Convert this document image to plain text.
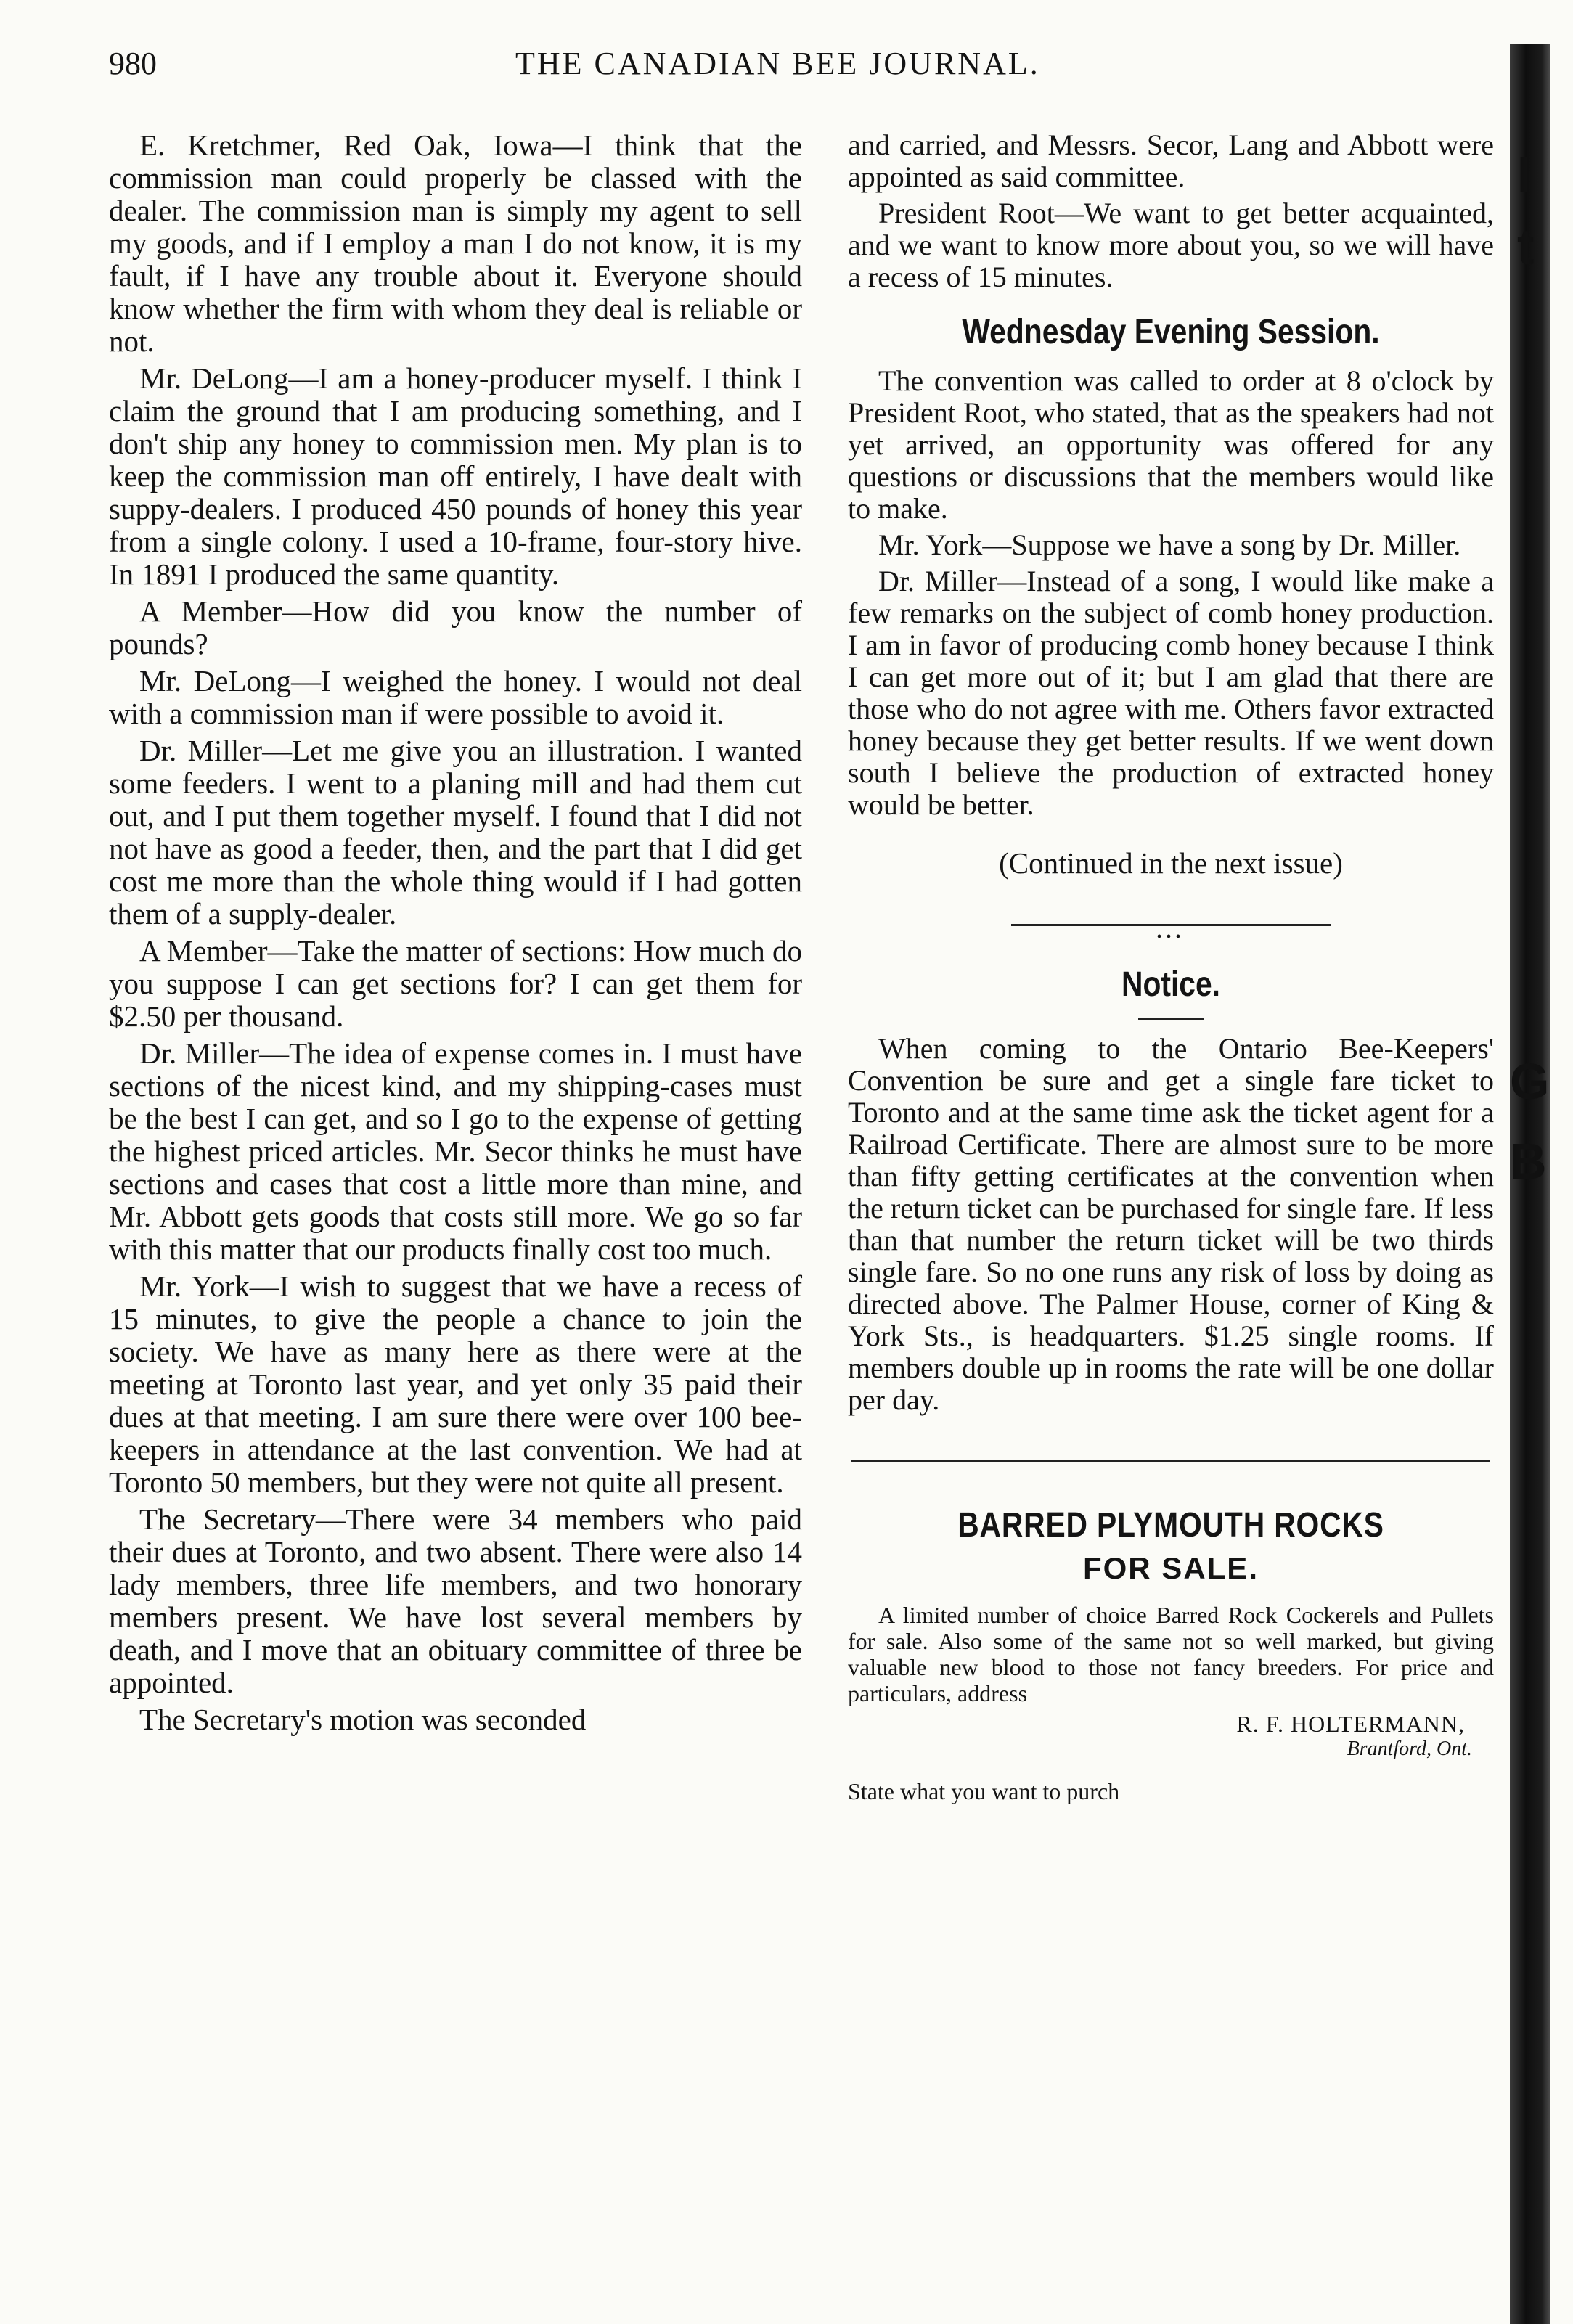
980	THE CANADIAN BEE JOURNAL.

E. Kretchmer, Red Oak, Iowa—I think that the commission man could properly be classed with the dealer. The commission man is simply my agent to sell my goods, and if I employ a man I do not know, it is my fault, if I have any trouble about it. Everyone should know whether the firm with whom they deal is reliable or not.

Mr. DeLong—I am a honey-producer myself. I think I claim the ground that I am producing something, and I don't ship any honey to commission men. My plan is to keep the commission man off entirely, I have dealt with suppy-dealers. I produced 450 pounds of honey this year from a single colony. I used a 10-frame, four-story hive. In 1891 I produced the same quantity.

A Member—How did you know the number of pounds?

Mr. DeLong—I weighed the honey. I would not deal with a commission man if were possible to avoid it.

Dr. Miller—Let me give you an illustration. I wanted some feeders. I went to a planing mill and had them cut out, and I put them together myself. I found that I did not not have as good a feeder, then, and the part that I did get cost me more than the whole thing would if I had gotten them of a supply-dealer.

A Member—Take the matter of sections: How much do you suppose I can get sections for? I can get them for $2.50 per thousand.

Dr. Miller—The idea of expense comes in. I must have sections of the nicest kind, and my shipping-cases must be the best I can get, and so I go to the expense of getting the highest priced articles. Mr. Secor thinks he must have sections and cases that cost a little more than mine, and Mr. Abbott gets goods that costs still more. We go so far with this matter that our products finally cost too much.

Mr. York—I wish to suggest that we have a recess of 15 minutes, to give the people a chance to join the society. We have as many here as there were at the meeting at Toronto last year, and yet only 35 paid their dues at that meeting. I am sure there were over 100 bee-keepers in attendance at the last convention. We had at Toronto 50 members, but they were not quite all present.

The Secretary—There were 34 members who paid their dues at Toronto, and two absent. There were also 14 lady members, three life members, and two honorary members present. We have lost several members by death, and I move that an obituary committee of three be appointed.

The Secretary's motion was seconded

and carried, and Messrs. Secor, Lang and Abbott were appointed as said committee.

President Root—We want to get better acquainted, and we want to know more about you, so we will have a recess of 15 minutes.

Wednesday Evening Session.

The convention was called to order at 8 o'clock by President Root, who stated, that as the speakers had not yet arrived, an opportunity was offered for any questions or discussions that the members would like to make.

Mr. York—Suppose we have a song by Dr. Miller.

Dr. Miller—Instead of a song, I would like make a few remarks on the subject of comb honey production. I am in favor of producing comb honey because I think I can get more out of it; but I am glad that there are those who do not agree with me. Others favor extracted honey because they get better results. If we went down south I believe the production of extracted honey would be better.

(Continued in the next issue)
•••
Notice.

When coming to the Ontario Bee-Keepers' Convention be sure and get a single fare ticket to Toronto and at the same time ask the ticket agent for a Railroad Certificate. There are almost sure to be more than fifty getting certificates at the convention when the return ticket can be purchased for single fare. If less than that number the return ticket will be two thirds single fare. So no one runs any risk of loss by doing as directed above. The Palmer House, corner of King & York Sts., is headquarters. $1.25 single rooms. If members double up in rooms the rate will be one dollar per day.

BARRED PLYMOUTH ROCKS
FOR SALE.

A limited number of choice Barred Rock Cockerels and Pullets for sale. Also some of the same not so well marked, but giving valuable new blood to those not fancy breeders. For price and particulars, address

R. F. HOLTERMANN,
Brantford, Ont.
State what you want to purch
I
t
G
B
